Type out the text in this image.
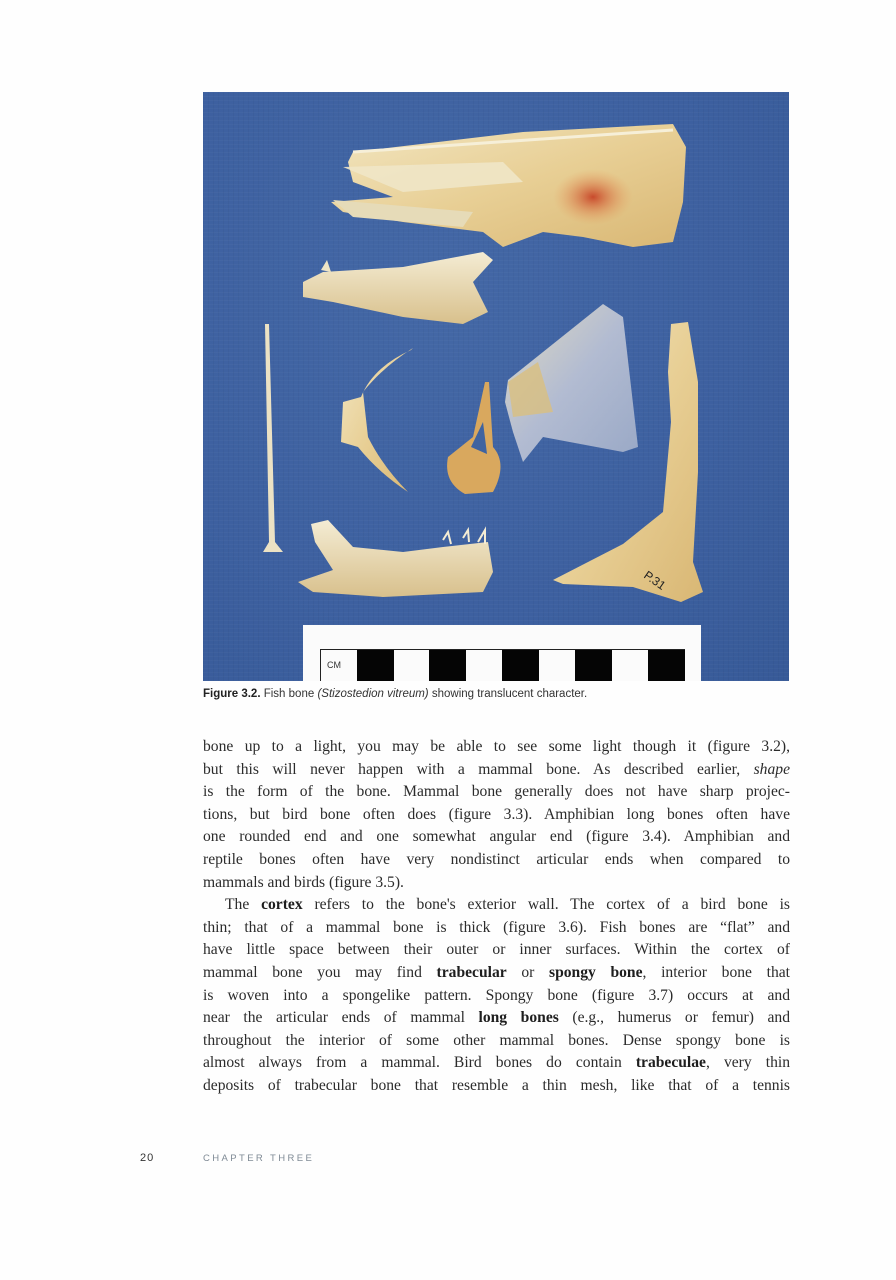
P.31
CM
Figure 3.2. Fish bone (Stizostedion vitreum) showing translucent character.
bone up to a light, you may be able to see some light though it (figure 3.2),
but this will never happen with a mammal bone. As described earlier, shape
is the form of the bone. Mammal bone generally does not have sharp projec-
tions, but bird bone often does (figure 3.3). Amphibian long bones often have
one rounded end and one somewhat angular end (figure 3.4). Amphibian and
reptile bones often have very nondistinct articular ends when compared to
mammals and birds (figure 3.5).
The cortex refers to the bone's exterior wall. The cortex of a bird bone is
thin; that of a mammal bone is thick (figure 3.6). Fish bones are “flat” and
have little space between their outer or inner surfaces. Within the cortex of
mammal bone you may find trabecular or spongy bone, interior bone that
is woven into a spongelike pattern. Spongy bone (figure 3.7) occurs at and
near the articular ends of mammal long bones (e.g., humerus or femur) and
throughout the interior of some other mammal bones. Dense spongy bone is
almost always from a mammal. Bird bones do contain trabeculae, very thin
deposits of trabecular bone that resemble a thin mesh, like that of a tennis
20	CHAPTER THREE
